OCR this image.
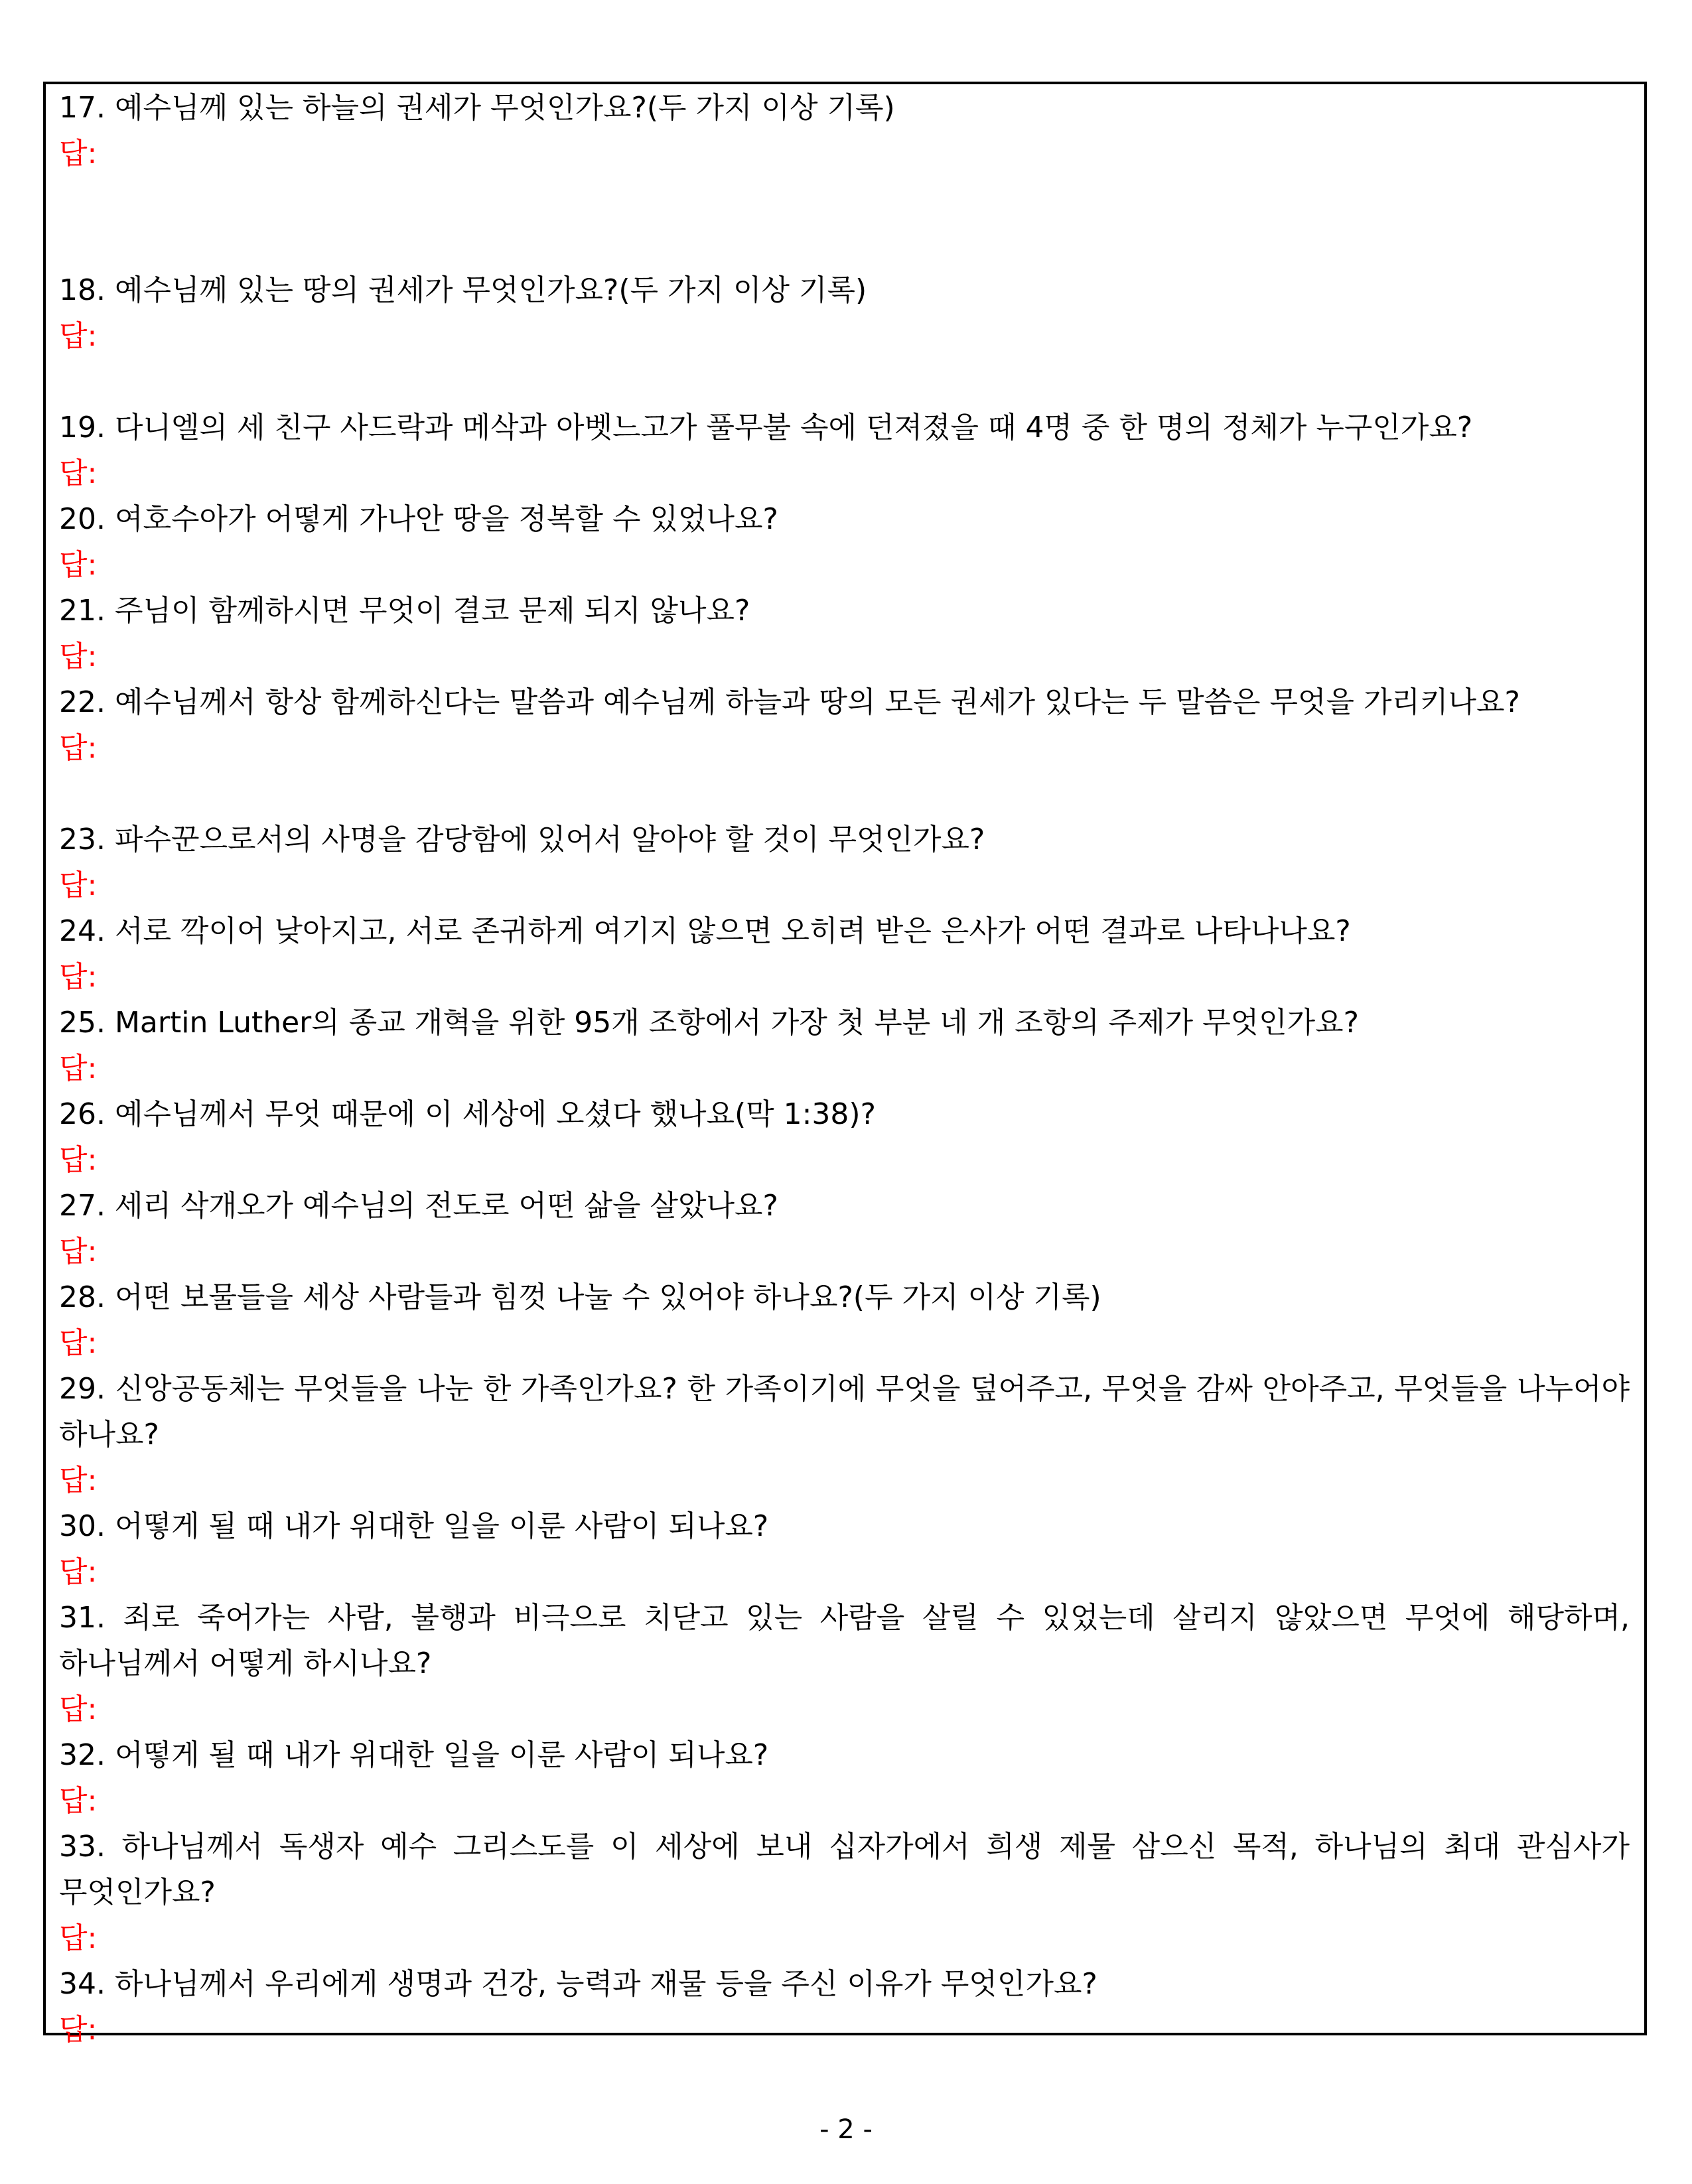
17. 예수님께 있는 하늘의 권세가 무엇인가요?(두 가지 이상 기록)

답:

18. 예수님께 있는 땅의 권세가 무엇인가요?(두 가지 이상 기록)

답:

19. 다니엘의 세 친구 사드락과 메삭과 아벳느고가 풀무불 속에 던져졌을 때 4명 중 한 명의 정체가 누구인가요?

답:

20. 여호수아가 어떻게 가나안 땅을 정복할 수 있었나요?

답:

21. 주님이 함께하시면 무엇이 결코 문제 되지 않나요?

답:

22. 예수님께서 항상 함께하신다는 말씀과 예수님께 하늘과 땅의 모든 권세가 있다는 두 말씀은 무엇을 가리키나요?

답:

23. 파수꾼으로서의 사명을 감당함에 있어서 알아야 할 것이 무엇인가요?

답:

24. 서로 깍이어 낮아지고, 서로 존귀하게 여기지 않으면 오히려 받은 은사가 어떤 결과로 나타나나요?

답:

25. Martin Luther의 종교 개혁을 위한 95개 조항에서 가장 첫 부분 네 개 조항의 주제가 무엇인가요?

답:

26. 예수님께서 무엇 때문에 이 세상에 오셨다 했나요(막 1:38)?

답:

27. 세리 삭개오가 예수님의 전도로 어떤 삶을 살았나요?

답:

28. 어떤 보물들을 세상 사람들과 힘껏 나눌 수 있어야 하나요?(두 가지 이상 기록)

답:

29. 신앙공동체는 무엇들을 나눈 한 가족인가요? 한 가족이기에 무엇을 덮어주고, 무엇을 감싸 안아주고, 무엇들을 나누어야 하나요?

답:

30. 어떻게 될 때 내가 위대한 일을 이룬 사람이 되나요?

답:

31. 죄로 죽어가는 사람, 불행과 비극으로 치닫고 있는 사람을 살릴 수 있었는데 살리지 않았으면 무엇에 해당하며, 하나님께서 어떻게 하시나요?

답:

32. 어떻게 될 때 내가 위대한 일을 이룬 사람이 되나요?

답:

33. 하나님께서 독생자 예수 그리스도를 이 세상에 보내 십자가에서 희생 제물 삼으신 목적, 하나님의 최대 관심사가 무엇인가요?

답:

34. 하나님께서 우리에게 생명과 건강, 능력과 재물 등을 주신 이유가 무엇인가요?

답:

- 2 -
